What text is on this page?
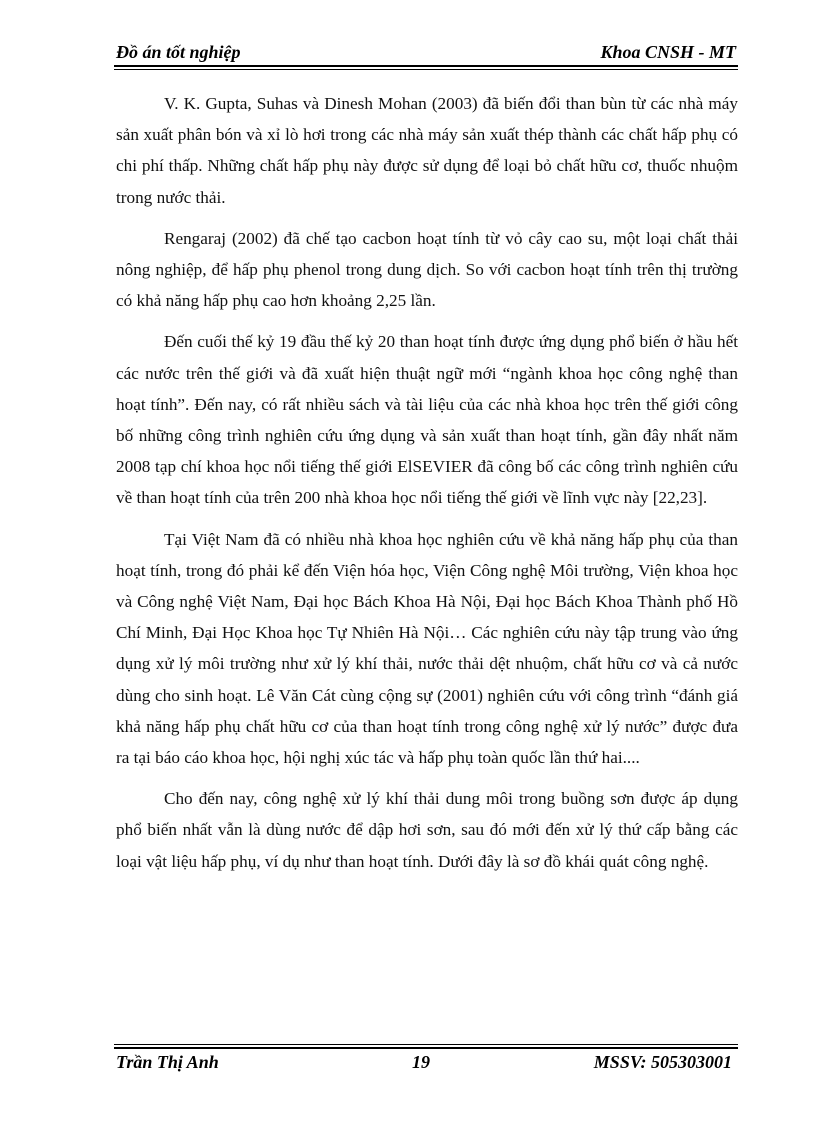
Đồ án tốt nghiệp	Khoa CNSH - MT

V. K. Gupta, Suhas và Dinesh Mohan (2003) đã biến đổi than bùn từ các nhà máy sản xuất phân bón và xỉ lò hơi trong các nhà máy sản xuất thép thành các chất hấp phụ có chi phí thấp. Những chất hấp phụ này được sử dụng để loại bỏ chất hữu cơ, thuốc nhuộm trong nước thải.

Rengaraj (2002) đã chế tạo cacbon hoạt tính từ vỏ cây cao su, một loại chất thải nông nghiệp, để hấp phụ phenol trong dung dịch. So với cacbon hoạt tính trên thị trường có khả năng hấp phụ cao hơn khoảng 2,25 lần.

Đến cuối thế kỷ 19 đầu thế kỷ 20 than hoạt tính được ứng dụng phổ biến ở hầu hết các nước trên thế giới và đã xuất hiện thuật ngữ mới “ngành khoa học công nghệ than hoạt tính”. Đến nay, có rất nhiều sách và tài liệu của các nhà khoa học trên thế giới công bố những công trình nghiên cứu ứng dụng và sản xuất than hoạt tính, gần đây nhất năm 2008 tạp chí khoa học nổi tiếng thế giới ElSEVIER đã công bố các công trình nghiên cứu về than hoạt tính của trên 200 nhà khoa học nổi tiếng thế giới về lĩnh vực này [22,23].

Tại Việt Nam đã có nhiều nhà khoa học nghiên cứu về khả năng hấp phụ của than hoạt tính, trong đó phải kể đến Viện hóa học, Viện Công nghệ Môi trường, Viện khoa học và Công nghệ Việt Nam, Đại học Bách Khoa Hà Nội, Đại học Bách Khoa Thành phố Hồ Chí Minh, Đại Học Khoa học Tự Nhiên Hà Nội… Các nghiên cứu này tập trung vào ứng dụng xử lý môi trường như xử lý khí thải, nước thải dệt nhuộm, chất hữu cơ và cả nước dùng cho sinh hoạt. Lê Văn Cát cùng cộng sự (2001) nghiên cứu với công trình “đánh giá khả năng hấp phụ chất hữu cơ của than hoạt tính trong công nghệ xử lý nước” được đưa ra tại báo cáo khoa học, hội nghị xúc tác và hấp phụ toàn quốc lần thứ hai....

Cho đến nay, công nghệ xử lý khí thải dung môi trong buồng sơn được áp dụng phổ biến nhất vẫn là dùng nước để dập hơi sơn, sau đó mới đến xử lý thứ cấp bằng các loại vật liệu hấp phụ, ví dụ như than hoạt tính. Dưới đây là sơ đồ khái quát công nghệ.

Trần Thị Anh	19	MSSV: 505303001
